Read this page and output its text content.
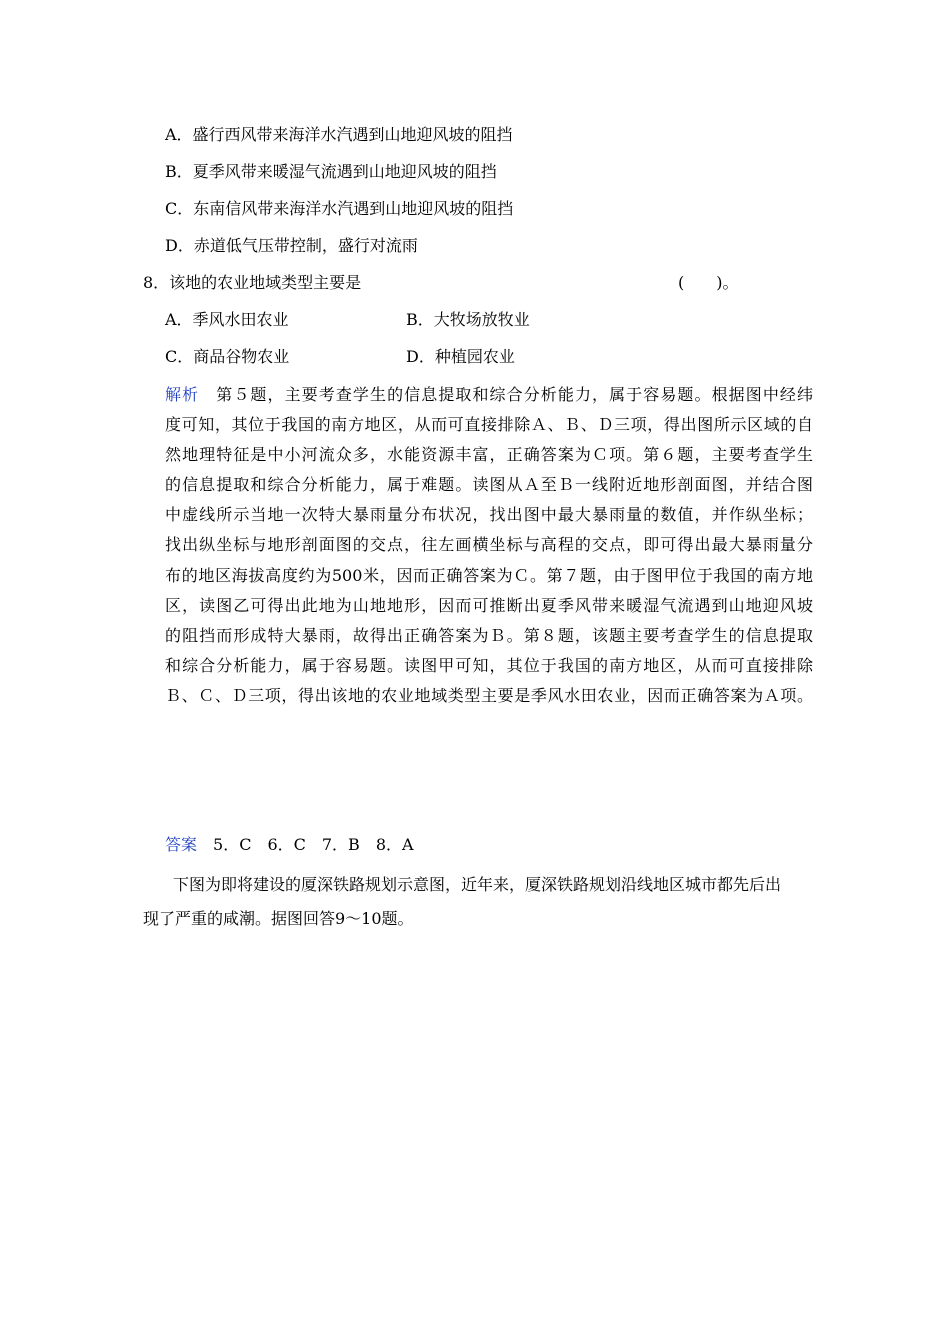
A．盛行西风带来海洋水汽遇到山地迎风坡的阻挡
B．夏季风带来暖湿气流遇到山地迎风坡的阻挡
C．东南信风带来海洋水汽遇到山地迎风坡的阻挡
D．赤道低气压带控制，盛行对流雨
8．该地的农业地域类型主要是	(　　)。
A．季风水田农业	B．大牧场放牧业
C．商品谷物农业	D．种植园农业
解析　 第５题，主要考查学生的信息提取和综合分析能力，属于容易题。根据图中经纬
度可知，其位于我国的南方地区，从而可直接排除Ａ、Ｂ、Ｄ三项，得出图所示区域的自
然地理特征是中小河流众多，水能资源丰富，正确答案为Ｃ项。第６题，主要考查学生
的信息提取和综合分析能力，属于难题。读图从Ａ至Ｂ一线附近地形剖面图，并结合图
中虚线所示当地一次特大暴雨量分布状况，找出图中最大暴雨量的数值，并作纵坐标；
找出纵坐标与地形剖面图的交点，往左画横坐标与高程的交点，即可得出最大暴雨量分
布的地区海拔高度约为500米，因而正确答案为Ｃ。第７题，由于图甲位于我国的南方地
区，读图乙可得出此地为山地地形，因而可推断出夏季风带来暖湿气流遇到山地迎风坡
的阻挡而形成特大暴雨，故得出正确答案为Ｂ。第８题，该题主要考查学生的信息提取
和综合分析能力，属于容易题。读图甲可知，其位于我国的南方地区，从而可直接排除
Ｂ、Ｃ、Ｄ三项，得出该地的农业地域类型主要是季风水田农业，因而正确答案为Ａ项。
答案　 5．C　6．C　7．B　8．A
下图为即将建设的厦深铁路规划示意图，近年来，厦深铁路规划沿线地区城市都先后出
现了严重的咸潮。据图回答9～10题。
